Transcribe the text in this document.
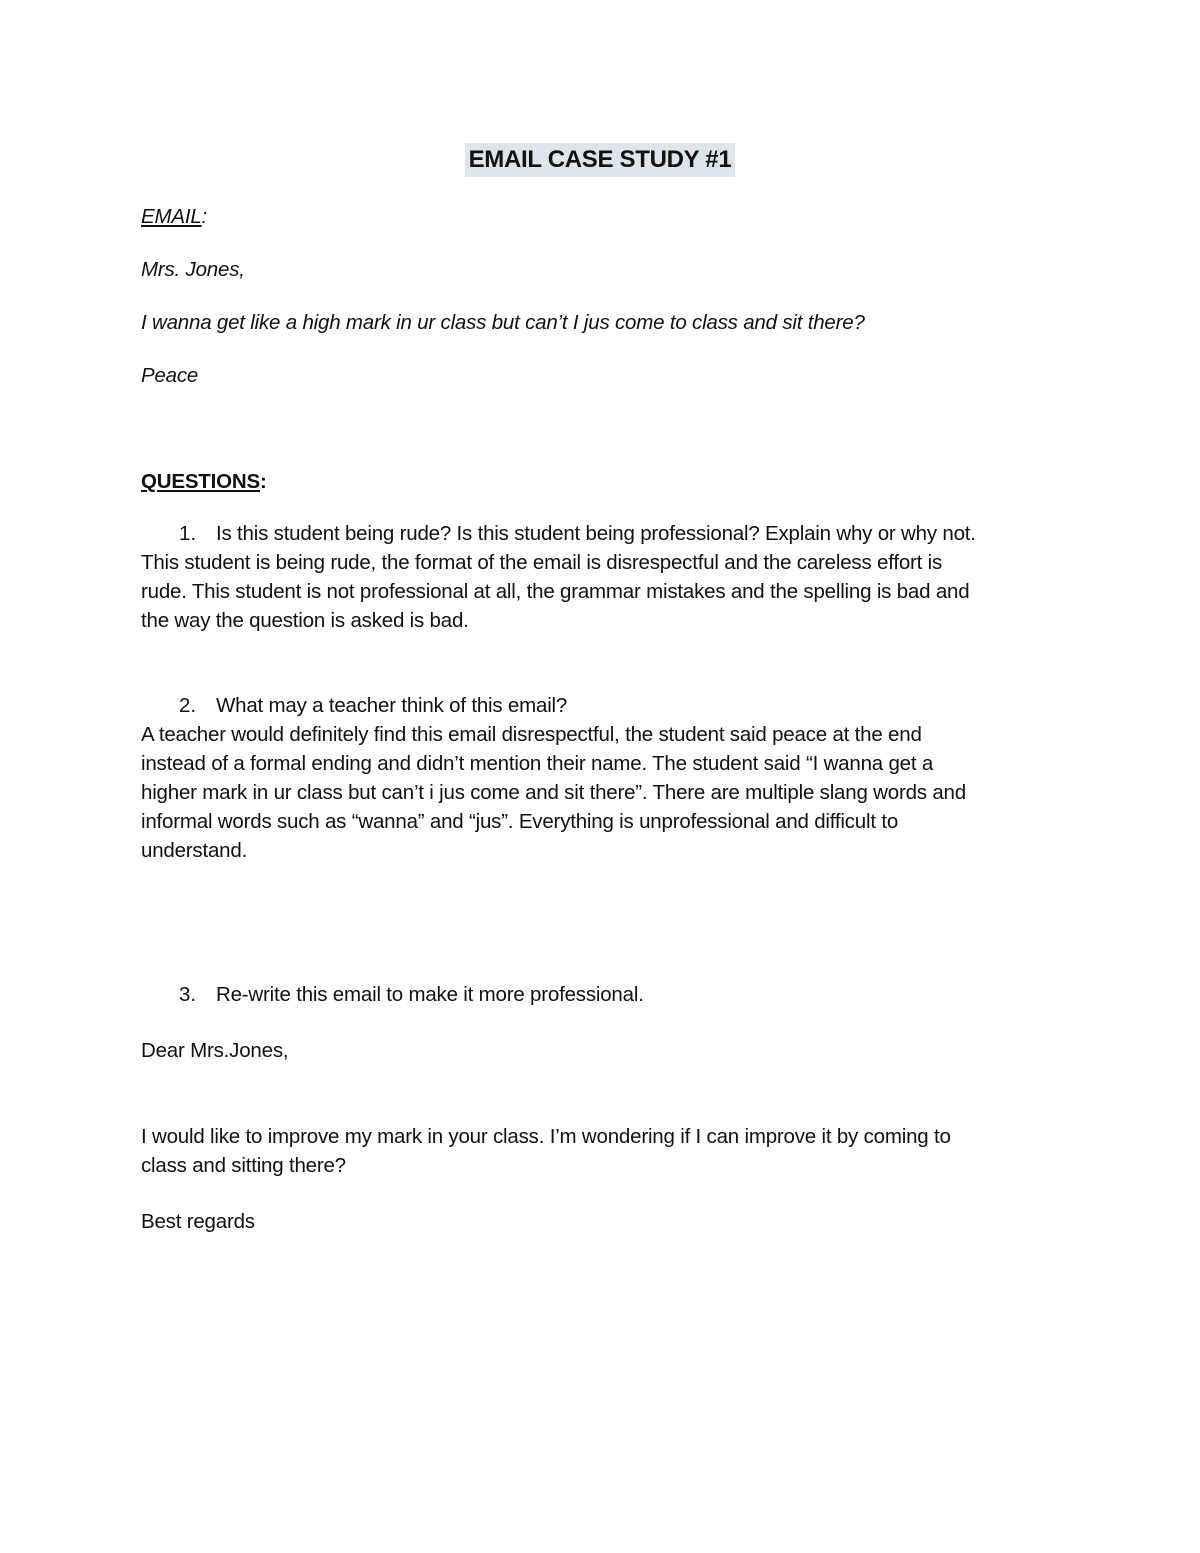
EMAIL CASE STUDY #1
EMAIL:
Mrs. Jones,
I wanna get like a high mark in ur class but can’t I jus come to class and sit there?
Peace
QUESTIONS:
1. Is this student being rude? Is this student being professional? Explain why or why not.
This student is being rude, the format of the email is disrespectful and the careless effort is
rude. This student is not professional at all, the grammar mistakes and the spelling is bad and
the way the question is asked is bad.
2. What may a teacher think of this email?
A teacher would definitely find this email disrespectful, the student said peace at the end
instead of a formal ending and didn’t mention their name. The student said “I wanna get a
higher mark in ur class but can’t i jus come and sit there”. There are multiple slang words and
informal words such as “wanna” and “jus”. Everything is unprofessional and difficult to
understand.
3. Re-write this email to make it more professional.
Dear Mrs.Jones,
I would like to improve my mark in your class. I’m wondering if I can improve it by coming to
class and sitting there?
Best regards
